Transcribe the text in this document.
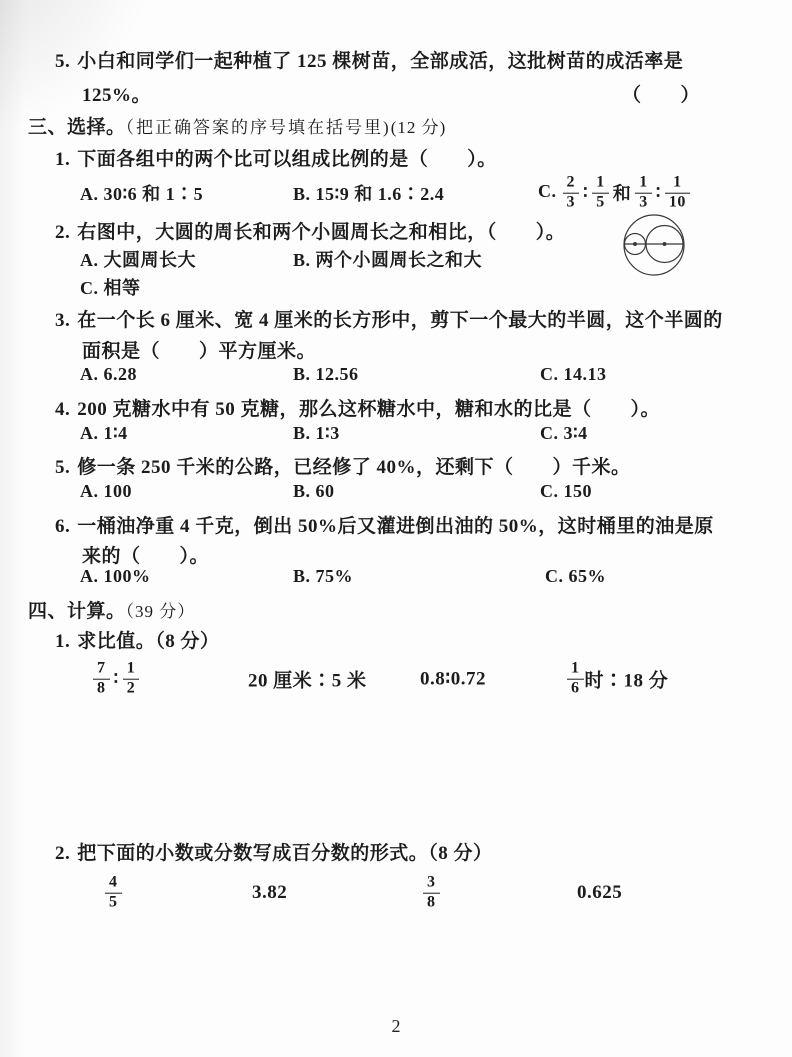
5. 小白和同学们一起种植了 125 棵树苗，全部成活，这批树苗的成活率是
125%。	（　　）
三、选择。（把正确答案的序号填在括号里)(12 分)
1. 下面各组中的两个比可以组成比例的是（　　）。
A. 30∶6 和 1∶5	B. 15∶9 和 1.6∶2.4	C. $\frac{2}{3}$ ∶ $\frac{1}{5}$ 和 $\frac{1}{3}$ ∶ $\frac{1}{10}$
2. 右图中，大圆的周长和两个小圆周长之和相比，（　　）。
A. 大圆周长大	B. 两个小圆周长之和大
C. 相等
3. 在一个长 6 厘米、宽 4 厘米的长方形中，剪下一个最大的半圆，这个半圆的
面积是（　　）平方厘米。
A. 6.28	B. 12.56	C. 14.13
4. 200 克糖水中有 50 克糖，那么这杯糖水中，糖和水的比是（　　）。
A. 1∶4	B. 1∶3	C. 3∶4
5. 修一条 250 千米的公路，已经修了 40%，还剩下（　　）千米。
A. 100	B. 60	C. 150
6. 一桶油净重 4 千克，倒出 50%后又灌进倒出油的 50%，这时桶里的油是原
来的（　　）。
A. 100%	B. 75%	C. 65%
四、计算。（39 分）
1. 求比值。（8 分）
$\frac{7}{8}$ ∶ $\frac{1}{2}$	20 厘米∶5 米	0.8∶0.72	$\frac{1}{6}$ 时∶18 分
2. 把下面的小数或分数写成百分数的形式。（8 分）
$\frac{4}{5}$	3.82	$\frac{3}{8}$	0.625
2
